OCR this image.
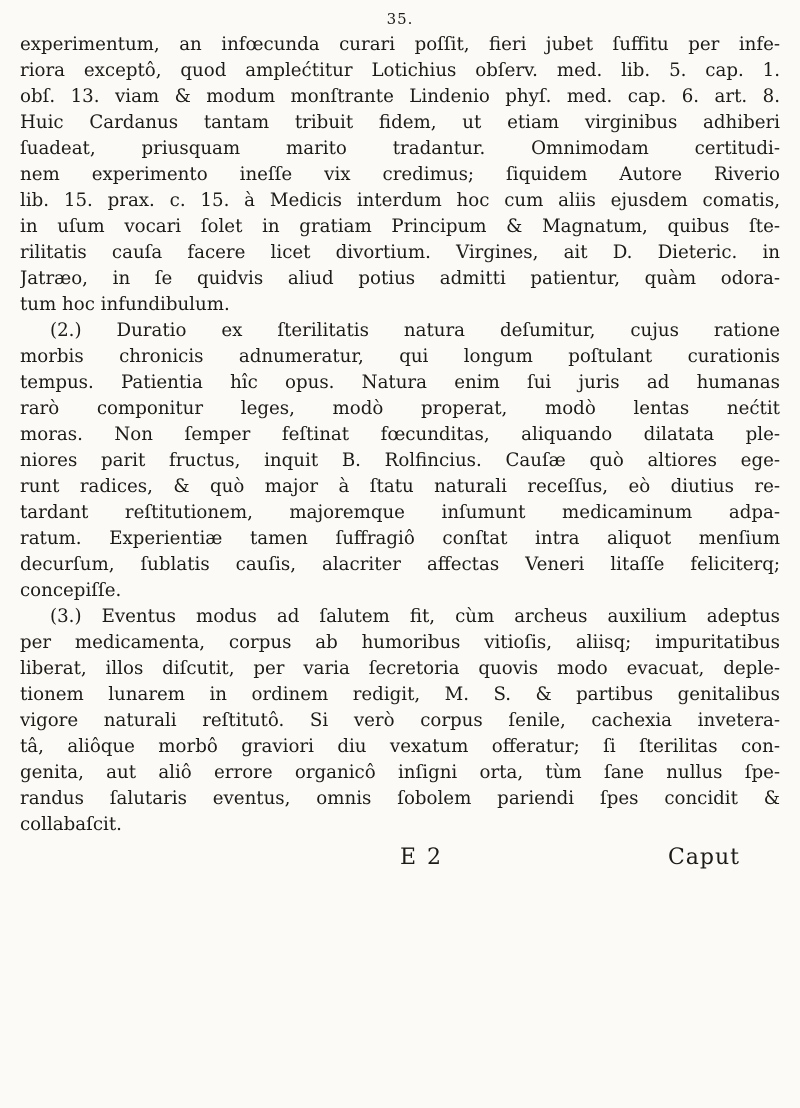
35.
experimentum, an infœcunda curari poſſit, fieri jubet ſuffitu per infe-
riora exceptô, quod amplećtitur Lotichius obſerv. med. lib. 5. cap. 1.
obſ. 13. viam & modum monſtrante Lindenio phyſ. med. cap. 6. art. 8.
Huic Cardanus tantam tribuit fidem, ut etiam virginibus adhiberi
ſuadeat, priusquam marito tradantur. Omnimodam certitudi-
nem experimento ineſſe vix credimus; ſiquidem Autore Riverio
lib. 15. prax. c. 15. à Medicis interdum hoc cum aliis ejusdem comatis,
in uſum vocari ſolet in gratiam Principum & Magnatum, quibus ſte-
rilitatis cauſa facere licet divortium. Virgines, ait D. Dieteric. in
Jatræo, in ſe quidvis aliud potius admitti patientur, quàm odora-
tum hoc infundibulum.
(2.) Duratio ex ſterilitatis natura deſumitur, cujus ratione
morbis chronicis adnumeratur, qui longum poſtulant curationis
tempus. Patientia hîc opus. Natura enim ſui juris ad humanas
rarò componitur leges, modò properat, modò lentas nećtit
moras. Non ſemper feſtinat fœcunditas, aliquando dilatata ple-
niores parit fructus, inquit B. Rolfincius. Cauſæ quò altiores ege-
runt radices, & quò major à ſtatu naturali receſſus, eò diutius re-
tardant reſtitutionem, majoremque inſumunt medicaminum adpa-
ratum. Experientiæ tamen ſuffragiô conſtat intra aliquot menſium
decurſum, ſublatis cauſis, alacriter affectas Veneri litaſſe feliciterq;
concepiſſe.
(3.) Eventus modus ad ſalutem fit, cùm archeus auxilium adeptus
per medicamenta, corpus ab humoribus vitioſis, aliisq; impuritatibus
liberat, illos diſcutit, per varia ſecretoria quovis modo evacuat, deple-
tionem lunarem in ordinem redigit, M. S. & partibus genitalibus
vigore naturali reſtitutô. Si verò corpus ſenile, cachexia invetera-
tâ, aliôque morbô graviori diu vexatum offeratur; ſi ſterilitas con-
genita, aut aliô errore organicô inſigni orta, tùm ſane nullus ſpe-
randus ſalutaris eventus, omnis ſobolem pariendi ſpes concidit &
collabaſcit.
E 2	Caput
